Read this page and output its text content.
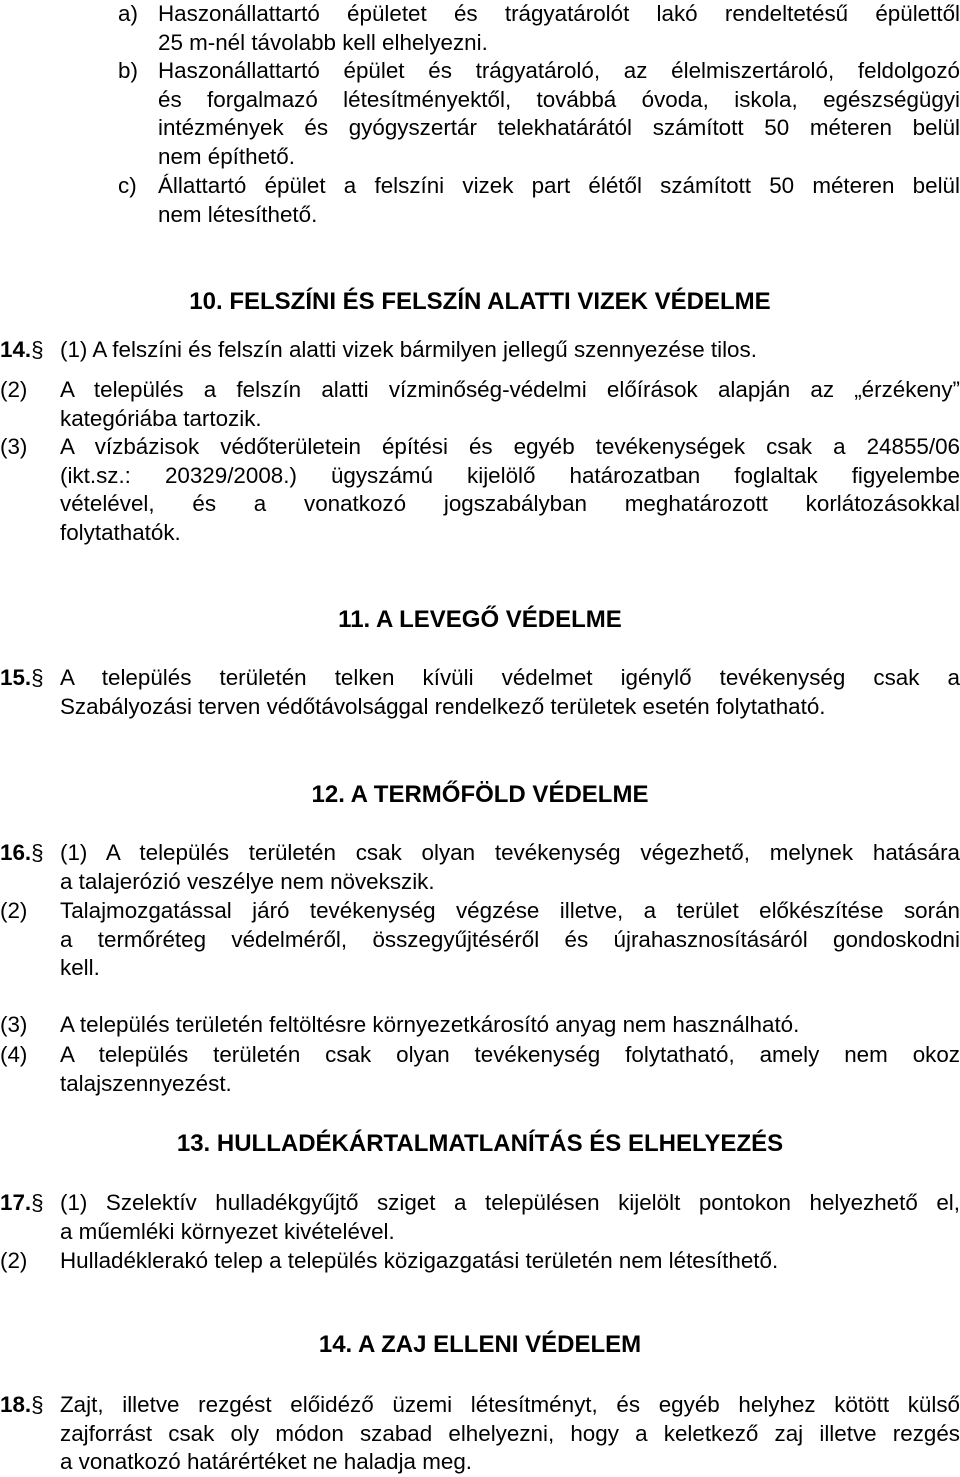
a) Haszonállattartó épületet és trágyatárolót lakó rendeltetésű épülettől
25 m-nél távolabb kell elhelyezni.
b) Haszonállattartó épület és trágyatároló, az élelmiszertároló, feldolgozó
és forgalmazó létesítményektől, továbbá óvoda, iskola, egészségügyi
intézmények és gyógyszertár telekhatárától számított 50 méteren belül
nem építhető.
c) Állattartó épület a felszíni vizek part élétől számított 50 méteren belül
nem létesíthető.
10. FELSZÍNI ÉS FELSZÍN ALATTI VIZEK VÉDELME
14.§ (1) A felszíni és felszín alatti vizek bármilyen jellegű szennyezése tilos.
(2)	A település a felszín alatti vízminőség-védelmi előírások alapján az „érzékeny”
kategóriába tartozik.
(3)	A vízbázisok védőterületein építési és egyéb tevékenységek csak a 24855/06
(ikt.sz.: 20329/2008.) ügyszámú kijelölő határozatban foglaltak figyelembe
vételével, és a vonatkozó jogszabályban meghatározott korlátozásokkal
folytathatók.
11. A LEVEGŐ VÉDELME
15.§ A település területén telken kívüli védelmet igénylő tevékenység csak a
Szabályozási terven védőtávolsággal rendelkező területek esetén folytatható.
12. A TERMŐFÖLD VÉDELME
16.§ (1) A település területén csak olyan tevékenység végezhető, melynek hatására
a talajerózió veszélye nem növekszik.
(2)	Talajmozgatással járó tevékenység végzése illetve, a terület előkészítése során
a termőréteg védelméről, összegyűjtéséről és újrahasznosításáról gondoskodni
kell.
(3)	A település területén feltöltésre környezetkárosító anyag nem használható.
(4)	A település területén csak olyan tevékenység folytatható, amely nem okoz
talajszennyezést.
13. HULLADÉKÁRTALMATLANÍTÁS ÉS ELHELYEZÉS
17.§ (1) Szelektív hulladékgyűjtő sziget a településen kijelölt pontokon helyezhető el,
a műemléki környezet kivételével.
(2)	Hulladéklerakó telep a település közigazgatási területén nem létesíthető.
14. A ZAJ ELLENI VÉDELEM
18.§ Zajt, illetve rezgést előidéző üzemi létesítményt, és egyéb helyhez kötött külső
zajforrást csak oly módon szabad elhelyezni, hogy a keletkező zaj illetve rezgés
a vonatkozó határértéket ne haladja meg.
